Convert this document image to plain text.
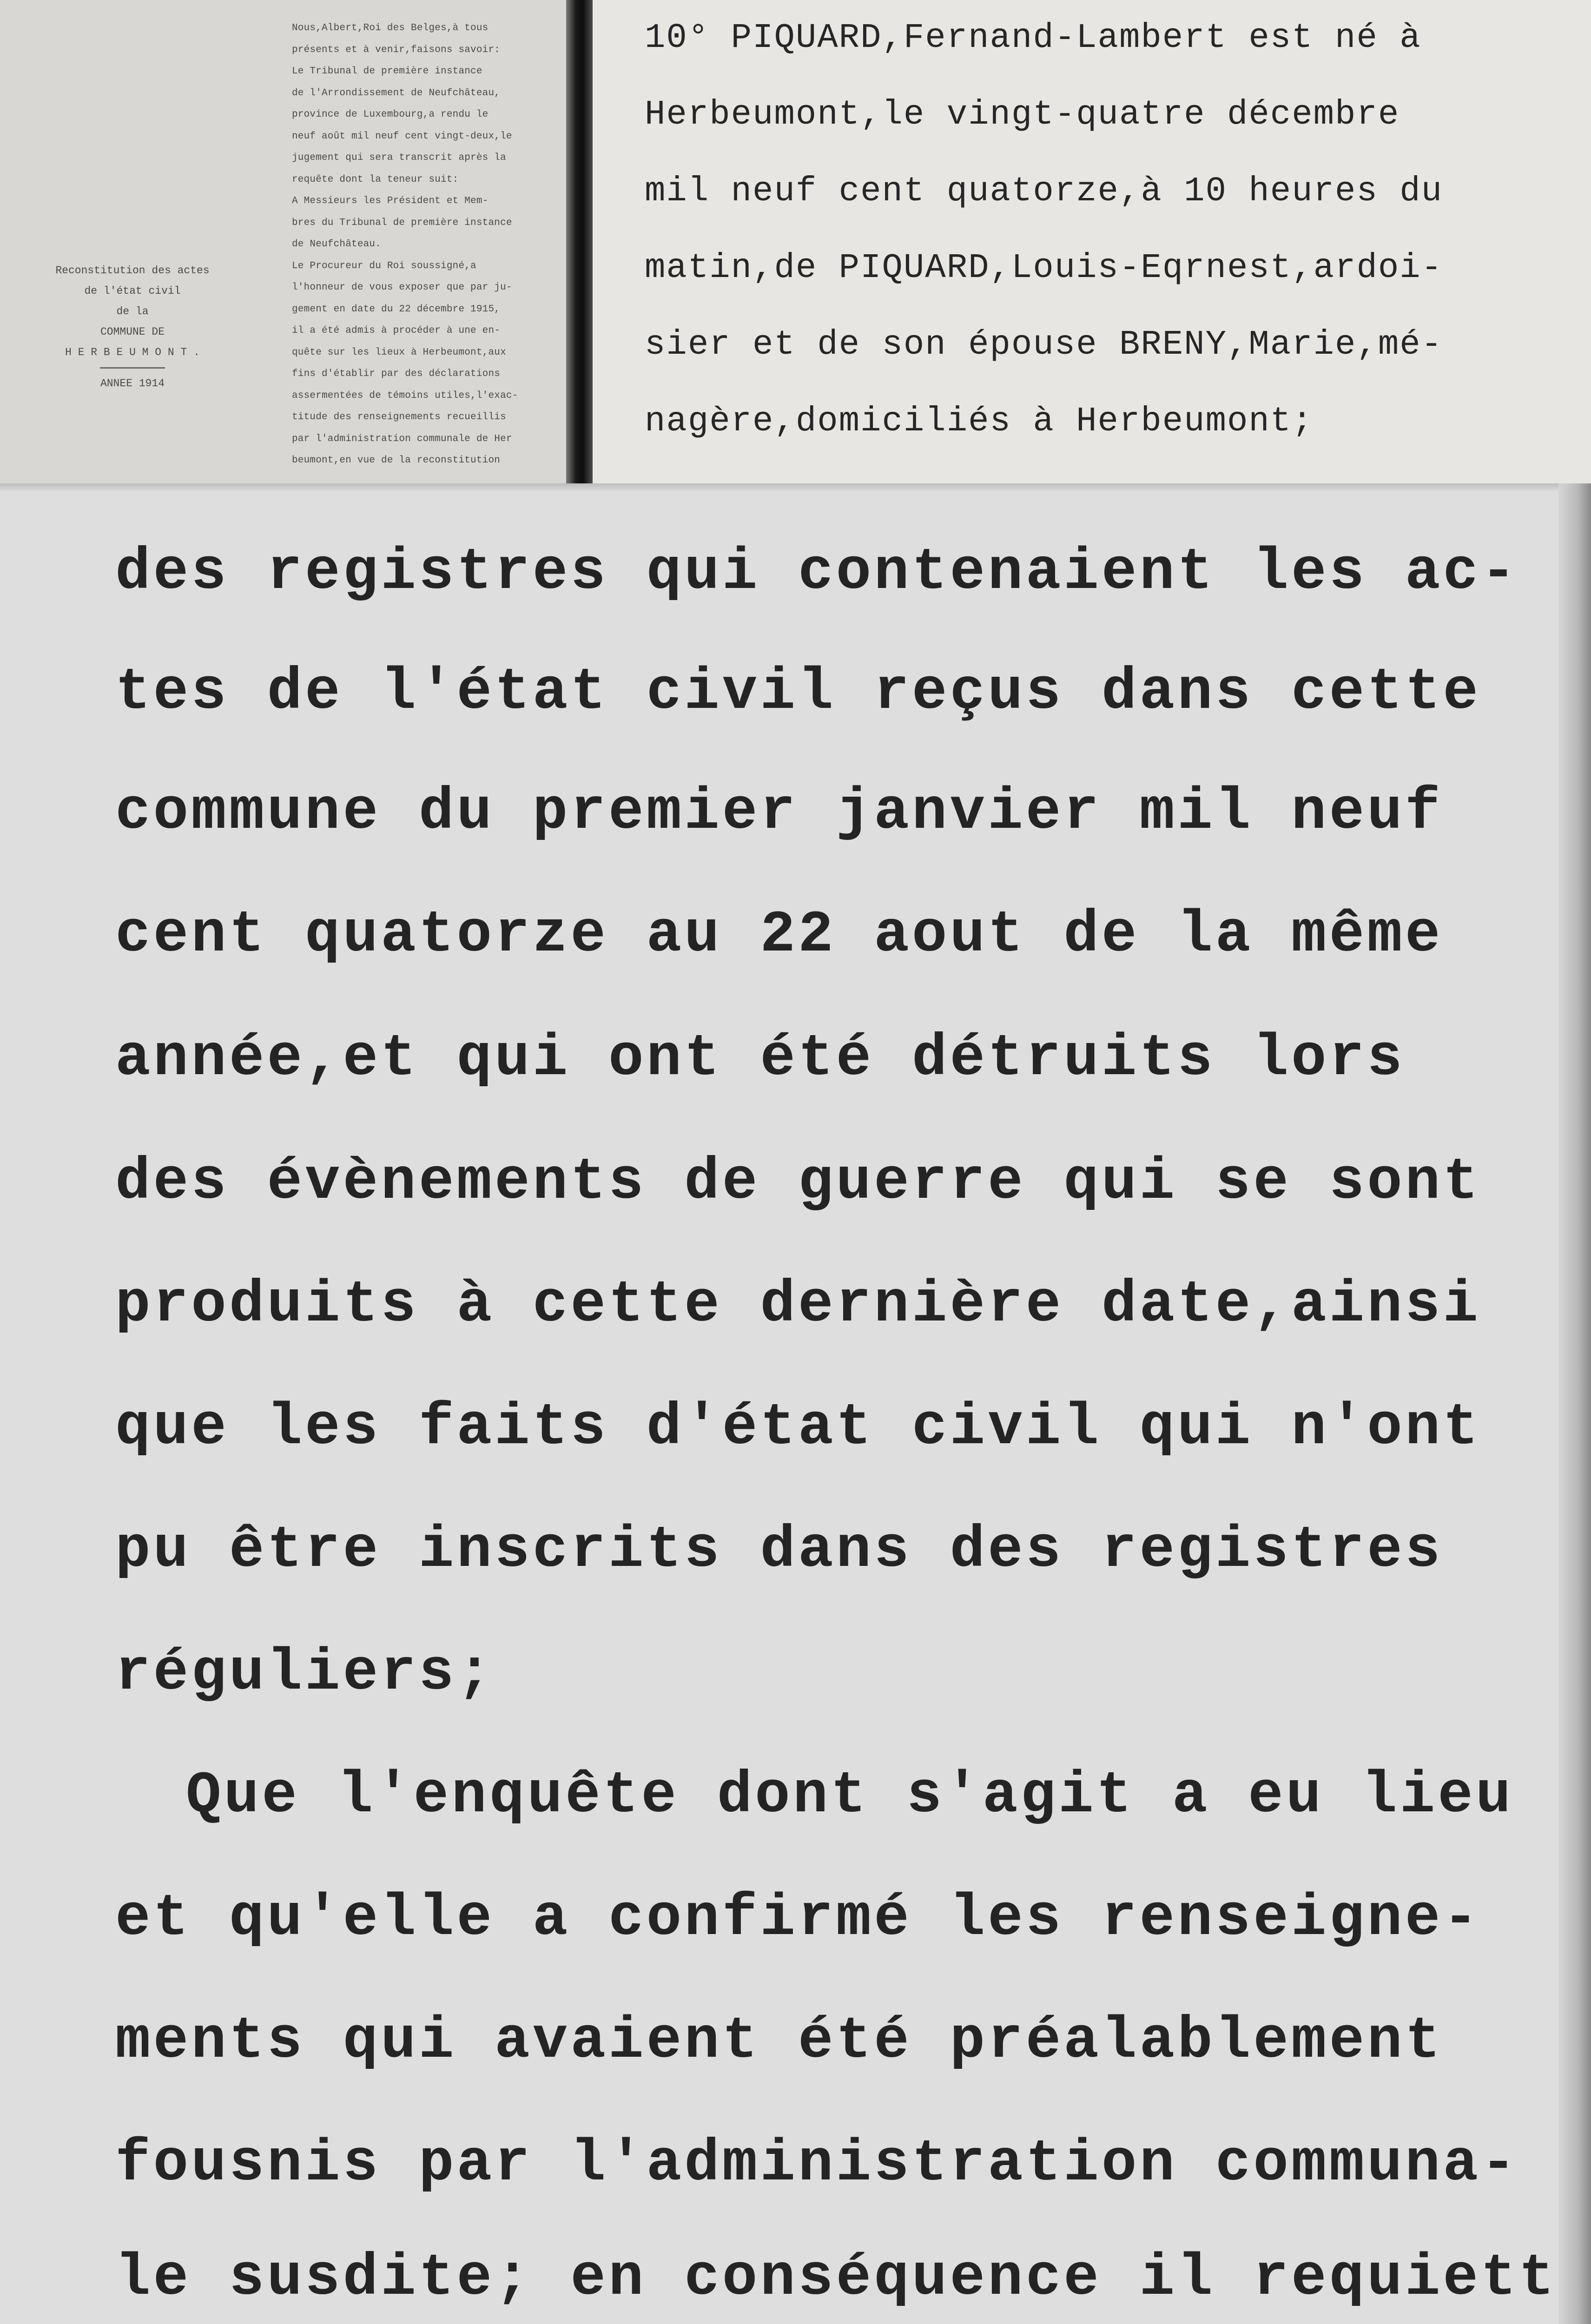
Reconstitution des actes
de l'état civil
de la
COMMUNE DE
H E R B E U M O N T .
ANNEE 1914
Nous,Albert,Roi des Belges,à tous
présents et à venir,faisons savoir:
Le Tribunal de première instance
de l'Arrondissement de Neufchâteau,
province de Luxembourg,a rendu le
neuf août mil neuf cent vingt-deux,le
jugement qui sera transcrit après la
requête dont la teneur suit:
A Messieurs les Président et Mem-
bres du Tribunal de première instance
de Neufchâteau.
Le Procureur du Roi soussigné,a
l'honneur de vous exposer que par ju-
gement en date du 22 décembre 1915,
il a été admis à procéder à une en-
quête sur les lieux à Herbeumont,aux
fins d'établir par des déclarations
assermentées de témoins utiles,l'exac-
titude des renseignements recueillis
par l'administration communale de Her
beumont,en vue de la reconstitution
10° PIQUARD,Fernand-Lambert est né à
Herbeumont,le vingt-quatre décembre
mil neuf cent quatorze,à 10 heures du
matin,de PIQUARD,Louis-Eqrnest,ardoi-
sier et de son épouse BRENY,Marie,mé-
nagère,domiciliés à Herbeumont;
des registres qui contenaient les ac-
tes de l'état civil reçus dans cette
commune du premier janvier mil neuf
cent quatorze au 22 aout de la même
année,et qui ont été détruits lors
des évènements de guerre qui se sont
produits à cette dernière date,ainsi
que les faits d'état civil qui n'ont
pu être inscrits dans des registres
réguliers;
Que l'enquête dont s'agit a eu lieu
et qu'elle a confirmé les renseigne-
ments qui avaient été préalablement
fousnis par l'administration communa-
le susdite; en conséquence il requiett
